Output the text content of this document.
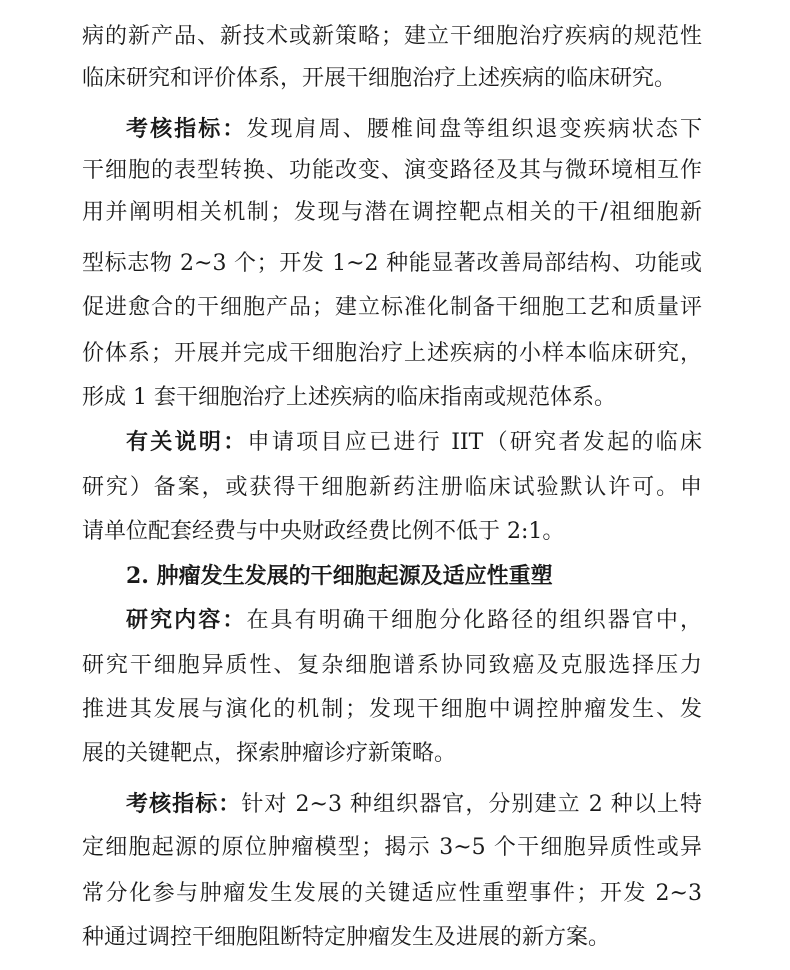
病的新产品、新技术或新策略；建立干细胞治疗疾病的规范性
临床研究和评价体系，开展干细胞治疗上述疾病的临床研究。
考核指标：发现肩周、腰椎间盘等组织退变疾病状态下
干细胞的表型转换、功能改变、演变路径及其与微环境相互作
用并阐明相关机制；发现与潜在调控靶点相关的干/祖细胞新
型标志物 2~3 个；开发 1~2 种能显著改善局部结构、功能或
促进愈合的干细胞产品；建立标准化制备干细胞工艺和质量评
价体系；开展并完成干细胞治疗上述疾病的小样本临床研究，
形成 1 套干细胞治疗上述疾病的临床指南或规范体系。
有关说明：申请项目应已进行 IIT（研究者发起的临床
研究）备案，或获得干细胞新药注册临床试验默认许可。申
请单位配套经费与中央财政经费比例不低于 2:1。
2. 肿瘤发生发展的干细胞起源及适应性重塑
研究内容：在具有明确干细胞分化路径的组织器官中，
研究干细胞异质性、复杂细胞谱系协同致癌及克服选择压力
推进其发展与演化的机制；发现干细胞中调控肿瘤发生、发
展的关键靶点，探索肿瘤诊疗新策略。
考核指标：针对 2~3 种组织器官，分别建立 2 种以上特
定细胞起源的原位肿瘤模型；揭示 3~5 个干细胞异质性或异
常分化参与肿瘤发生发展的关键适应性重塑事件；开发 2~3
种通过调控干细胞阻断特定肿瘤发生及进展的新方案。
